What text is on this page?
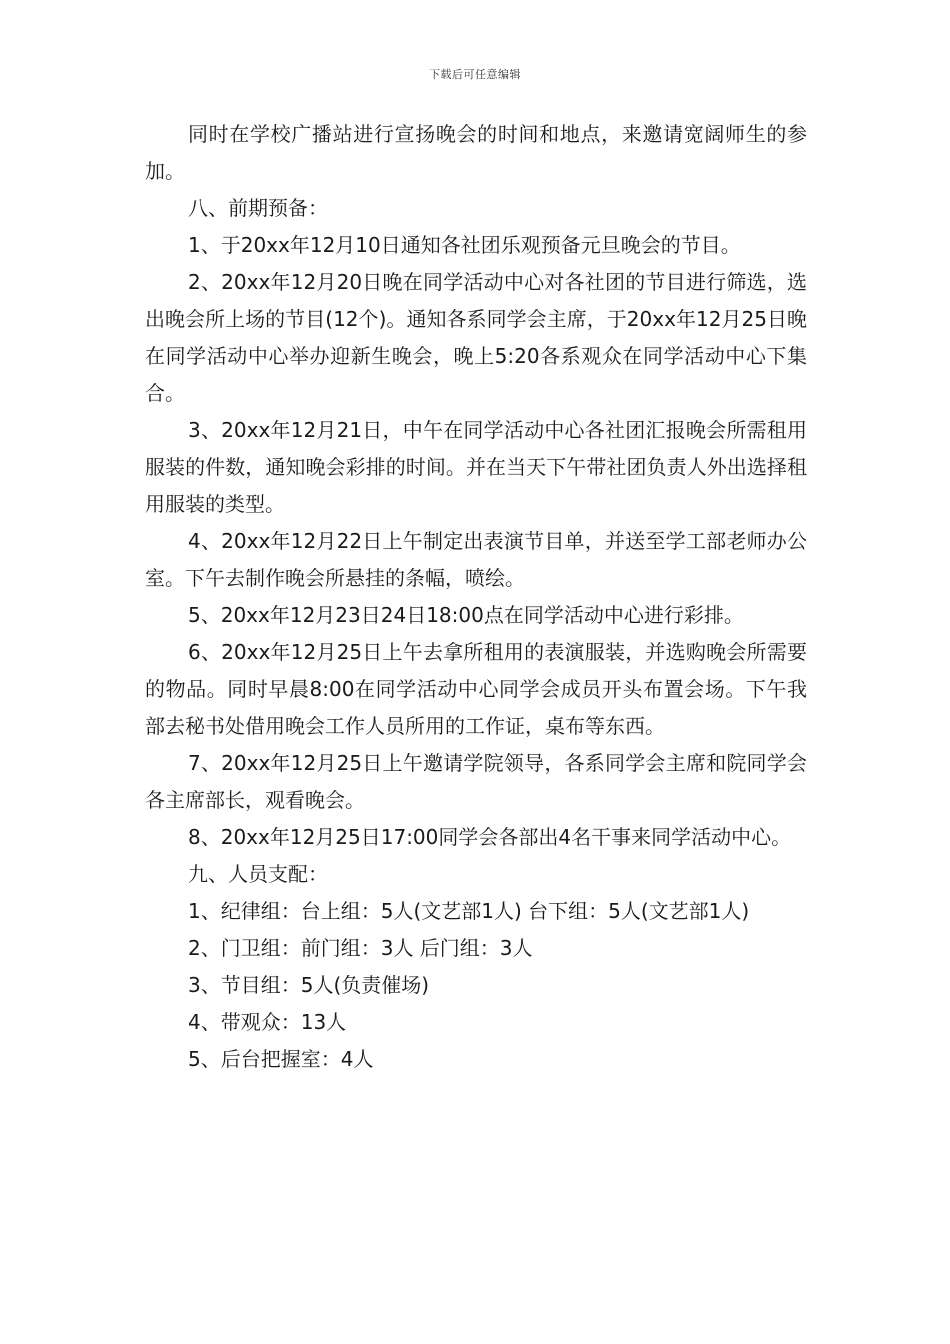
下载后可任意编辑

同时在学校广播站进行宣扬晚会的时间和地点，来邀请宽阔师生的参加。

八、前期预备：

1、于20xx年12月10日通知各社团乐观预备元旦晚会的节目。

2、20xx年12月20日晚在同学活动中心对各社团的节目进行筛选，选出晚会所上场的节目(12个)。通知各系同学会主席，于20xx年12月25日晚在同学活动中心举办迎新生晚会，晚上5:20各系观众在同学活动中心下集合。

3、20xx年12月21日，中午在同学活动中心各社团汇报晚会所需租用服装的件数，通知晚会彩排的时间。并在当天下午带社团负责人外出选择租用服装的类型。

4、20xx年12月22日上午制定出表演节目单，并送至学工部老师办公室。下午去制作晚会所悬挂的条幅，喷绘。

5、20xx年12月23日24日18:00点在同学活动中心进行彩排。

6、20xx年12月25日上午去拿所租用的表演服装，并选购晚会所需要的物品。同时早晨8:00在同学活动中心同学会成员开头布置会场。下午我部去秘书处借用晚会工作人员所用的工作证，桌布等东西。

7、20xx年12月25日上午邀请学院领导，各系同学会主席和院同学会各主席部长，观看晚会。

8、20xx年12月25日17:00同学会各部出4名干事来同学活动中心。

九、人员支配：

1、纪律组：台上组：5人(文艺部1人) 台下组：5人(文艺部1人)

2、门卫组：前门组：3人 后门组：3人

3、节目组：5人(负责催场)

4、带观众：13人

5、后台把握室：4人
